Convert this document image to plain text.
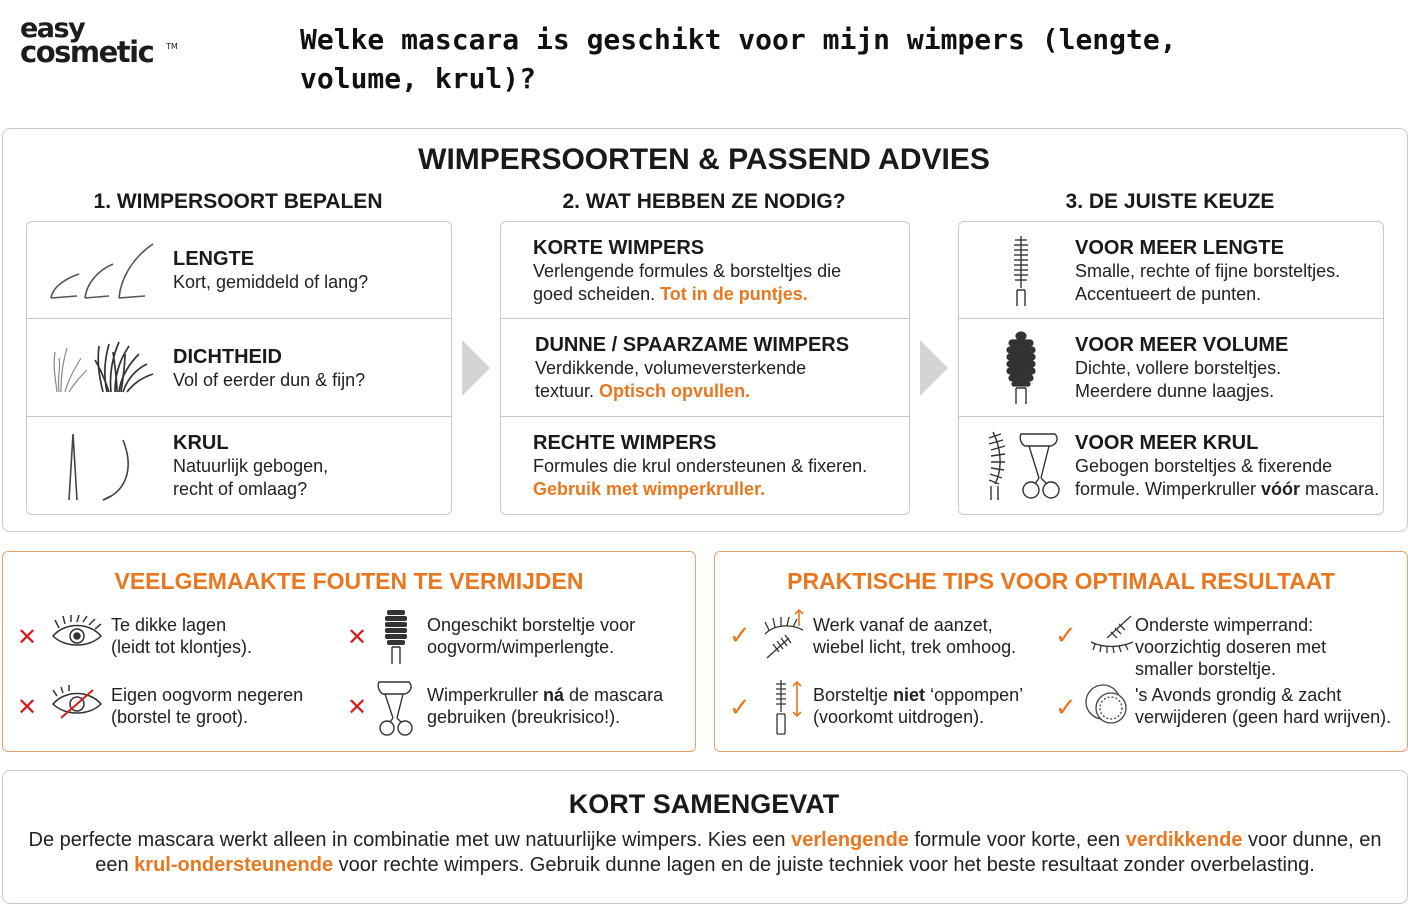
easy
cosmetic TM	Welke mascara is geschikt voor mijn wimpers (lengte, volume, krul)?
WIMPERSOORTEN & PASSEND ADVIES
1. WIMPERSOORT BEPALEN	2. WAT HEBBEN ZE NODIG?	3. DE JUISTE KEUZE
LENGTE
Kort, gemiddeld of lang?
DICHTHEID
Vol of eerder dun & fijn?
KRUL
Natuurlijk gebogen,
recht of omlaag?
KORTE WIMPERS
Verlengende formules & borsteltjes die
goed scheiden. Tot in de puntjes.
DUNNE / SPAARZAME WIMPERS
Verdikkende, volumeversterkende
textuur. Optisch opvullen.
RECHTE WIMPERS
Formules die krul ondersteunen & fixeren.
Gebruik met wimperkruller.
VOOR MEER LENGTE
Smalle, rechte of fijne borsteltjes.
Accentueert de punten.
VOOR MEER VOLUME
Dichte, vollere borsteltjes.
Meerdere dunne laagjes.
VOOR MEER KRUL
Gebogen borsteltjes & fixerende
formule. Wimperkruller vóór mascara.
VEELGEMAAKTE FOUTEN TE VERMIJDEN
✕	Te dikke lagen
(leidt tot klontjes).	✕	Ongeschikt borsteltje voor
oogvorm/wimperlengte.
✕	Eigen oogvorm negeren
(borstel te groot).	✕	Wimperkruller ná de mascara
gebruiken (breukrisico!).
PRAKTISCHE TIPS VOOR OPTIMAAL RESULTAAT
✓	Werk vanaf de aanzet,
wiebel licht, trek omhoog. ✓	Onderste wimperrand:
voorzichtig doseren met
smaller borsteltje.
✓	Borsteltje niet ‘oppompen’
(voorkomt uitdrogen).	✓	's Avonds grondig & zacht
verwijderen (geen hard wrijven).
KORT SAMENGEVAT
De perfecte mascara werkt alleen in combinatie met uw natuurlijke wimpers. Kies een verlengende formule voor korte, een verdikkende voor dunne, en een krul-ondersteunende voor rechte wimpers. Gebruik dunne lagen en de juiste techniek voor het beste resultaat zonder overbelasting.
